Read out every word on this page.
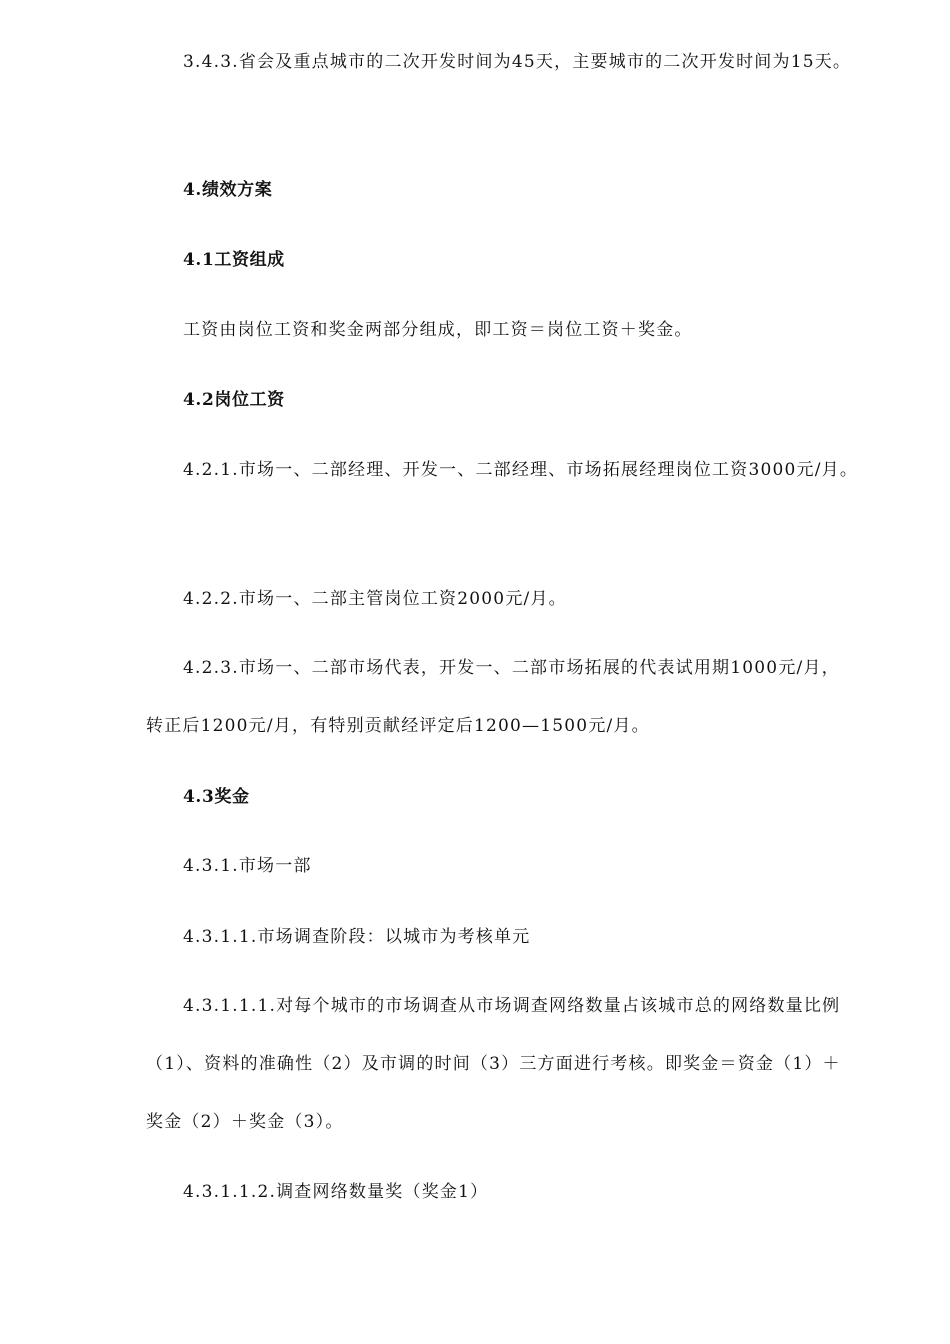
3.4.3.省会及重点城市的二次开发时间为45天，主要城市的二次开发时间为15天。
4.绩效方案
4.1工资组成
工资由岗位工资和奖金两部分组成，即工资＝岗位工资＋奖金。
4.2岗位工资
4.2.1.市场一、二部经理、开发一、二部经理、市场拓展经理岗位工资3000元/月。
4.2.2.市场一、二部主管岗位工资2000元/月。
4.2.3.市场一、二部市场代表，开发一、二部市场拓展的代表试用期1000元/月，
转正后1200元/月，有特别贡献经评定后1200—1500元/月。
4.3奖金
4.3.1.市场一部
4.3.1.1.市场调查阶段：以城市为考核单元
4.3.1.1.1.对每个城市的市场调查从市场调查网络数量占该城市总的网络数量比例
（1）、资料的准确性（2）及市调的时间（3）三方面进行考核。即奖金＝资金（1）＋
奖金（2）＋奖金（3）。
4.3.1.1.2.调查网络数量奖（奖金1）
